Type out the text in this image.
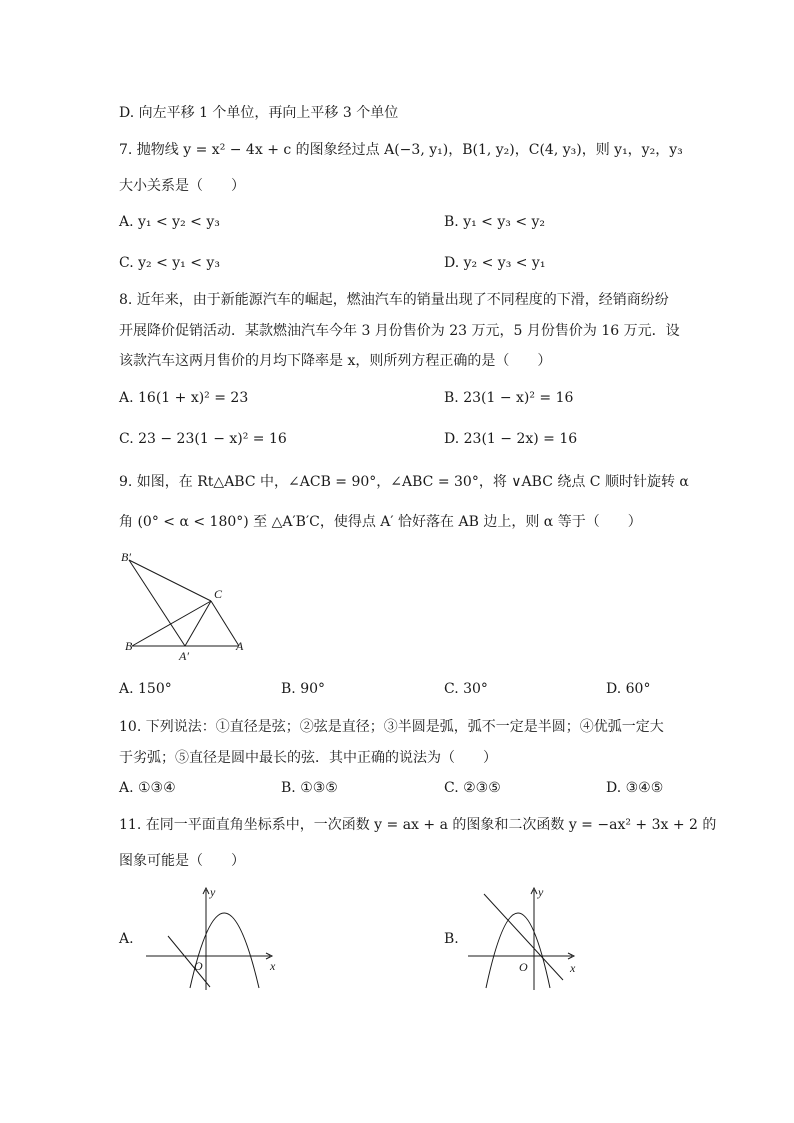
D. 向左平移 1 个单位，再向上平移 3 个单位
7. 抛物线 y = x² − 4x + c 的图象经过点 A(−3, y₁)，B(1, y₂)，C(4, y₃)，则 y₁，y₂，y₃
大小关系是（　　）
A. y₁ < y₂ < y₃	B. y₁ < y₃ < y₂
C. y₂ < y₁ < y₃	D. y₂ < y₃ < y₁
8. 近年来，由于新能源汽车的崛起，燃油汽车的销量出现了不同程度的下滑，经销商纷纷
开展降价促销活动．某款燃油汽车今年 3 月份售价为 23 万元，5 月份售价为 16 万元．设
该款汽车这两月售价的月均下降率是 x，则所列方程正确的是（　　）
A. 16(1 + x)² = 23	B. 23(1 − x)² = 16
C. 23 − 23(1 − x)² = 16	D. 23(1 − 2x) = 16
9. 如图，在 Rt△ABC 中，∠ACB = 90°，∠ABC = 30°，将 ∨ABC 绕点 C 顺时针旋转 α
角 (0° < α < 180°) 至 △A′B′C，使得点 A′ 恰好落在 AB 边上，则 α 等于（　　）
B′
C
B
A′
A
A. 150°	B. 90°	C. 30°	D. 60°
10. 下列说法：①直径是弦；②弦是直径；③半圆是弧，弧不一定是半圆；④优弧一定大
于劣弧；⑤直径是圆中最长的弦．其中正确的说法为（　　）
A. ①③④	B. ①③⑤	C. ②③⑤	D. ③④⑤
11. 在同一平面直角坐标系中，一次函数 y = ax + a 的图象和二次函数 y = −ax² + 3x + 2 的
图象可能是（　　）
A.
y
x
O
B.
y
x
O
